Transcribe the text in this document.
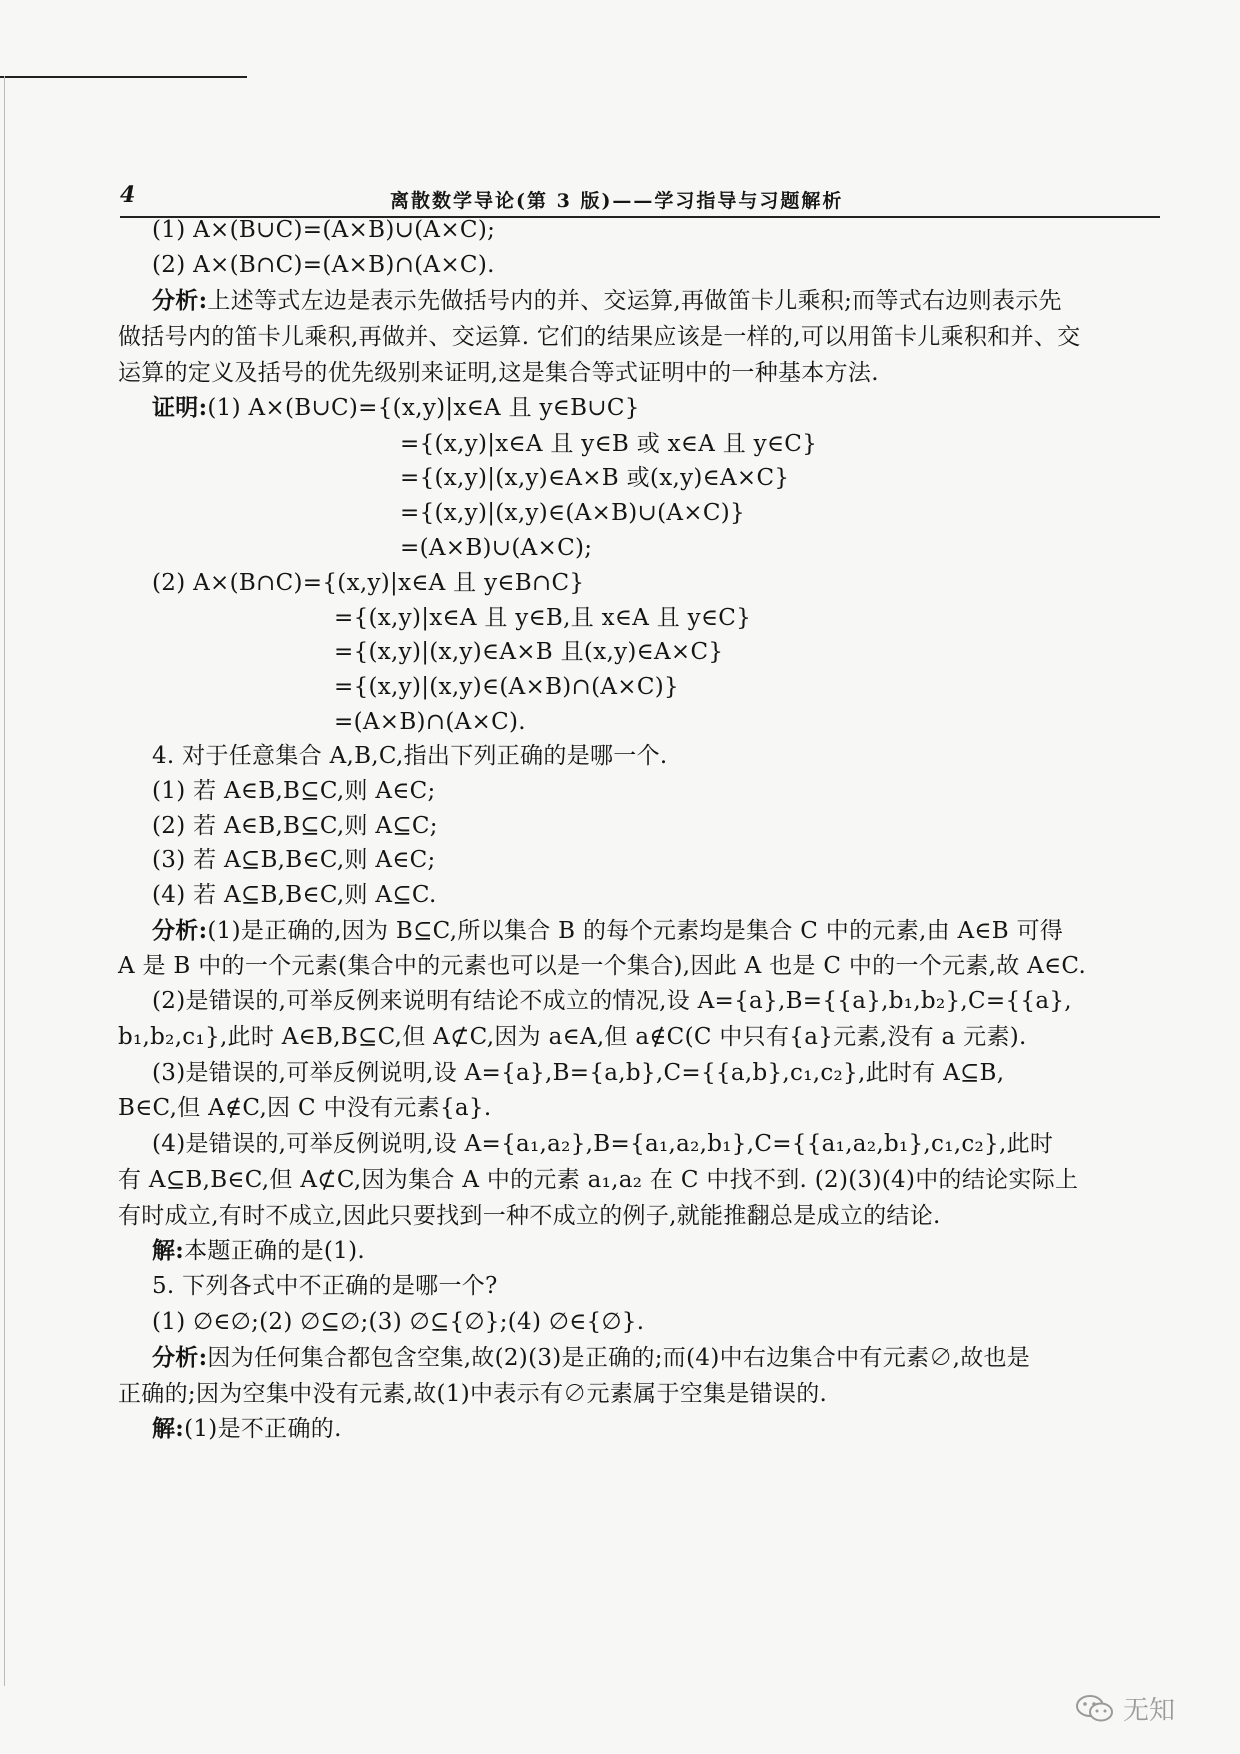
4	离散数学导论(第 3 版)——学习指导与习题解析
(1) A×(B∪C)=(A×B)∪(A×C);
(2) A×(B∩C)=(A×B)∩(A×C).
分析:上述等式左边是表示先做括号内的并、交运算,再做笛卡儿乘积;而等式右边则表示先
做括号内的笛卡儿乘积,再做并、交运算. 它们的结果应该是一样的,可以用笛卡儿乘积和并、交
运算的定义及括号的优先级别来证明,这是集合等式证明中的一种基本方法.
证明:(1) A×(B∪C)={(x,y)|x∈A 且 y∈B∪C}
={(x,y)|x∈A 且 y∈B 或 x∈A 且 y∈C}
={(x,y)|(x,y)∈A×B 或(x,y)∈A×C}
={(x,y)|(x,y)∈(A×B)∪(A×C)}
=(A×B)∪(A×C);
(2) A×(B∩C)={(x,y)|x∈A 且 y∈B∩C}
={(x,y)|x∈A 且 y∈B,且 x∈A 且 y∈C}
={(x,y)|(x,y)∈A×B 且(x,y)∈A×C}
={(x,y)|(x,y)∈(A×B)∩(A×C)}
=(A×B)∩(A×C).
4. 对于任意集合 A,B,C,指出下列正确的是哪一个.
(1) 若 A∈B,B⊆C,则 A∈C;
(2) 若 A∈B,B⊆C,则 A⊆C;
(3) 若 A⊆B,B∈C,则 A∈C;
(4) 若 A⊆B,B∈C,则 A⊆C.
分析:(1)是正确的,因为 B⊆C,所以集合 B 的每个元素均是集合 C 中的元素,由 A∈B 可得
A 是 B 中的一个元素(集合中的元素也可以是一个集合),因此 A 也是 C 中的一个元素,故 A∈C.
(2)是错误的,可举反例来说明有结论不成立的情况,设 A={a},B={{a},b₁,b₂},C={{a},
b₁,b₂,c₁},此时 A∈B,B⊆C,但 A⊄C,因为 a∈A,但 a∉C(C 中只有{a}元素,没有 a 元素).
(3)是错误的,可举反例说明,设 A={a},B={a,b},C={{a,b},c₁,c₂},此时有 A⊆B,
B∈C,但 A∉C,因 C 中没有元素{a}.
(4)是错误的,可举反例说明,设 A={a₁,a₂},B={a₁,a₂,b₁},C={{a₁,a₂,b₁},c₁,c₂},此时
有 A⊆B,B∈C,但 A⊄C,因为集合 A 中的元素 a₁,a₂ 在 C 中找不到. (2)(3)(4)中的结论实际上
有时成立,有时不成立,因此只要找到一种不成立的例子,就能推翻总是成立的结论.
解:本题正确的是(1).
5. 下列各式中不正确的是哪一个?
(1) ∅∈∅;(2) ∅⊆∅;(3) ∅⊆{∅};(4) ∅∈{∅}.
分析:因为任何集合都包含空集,故(2)(3)是正确的;而(4)中右边集合中有元素∅,故也是
正确的;因为空集中没有元素,故(1)中表示有∅元素属于空集是错误的.
解:(1)是不正确的.
无知
